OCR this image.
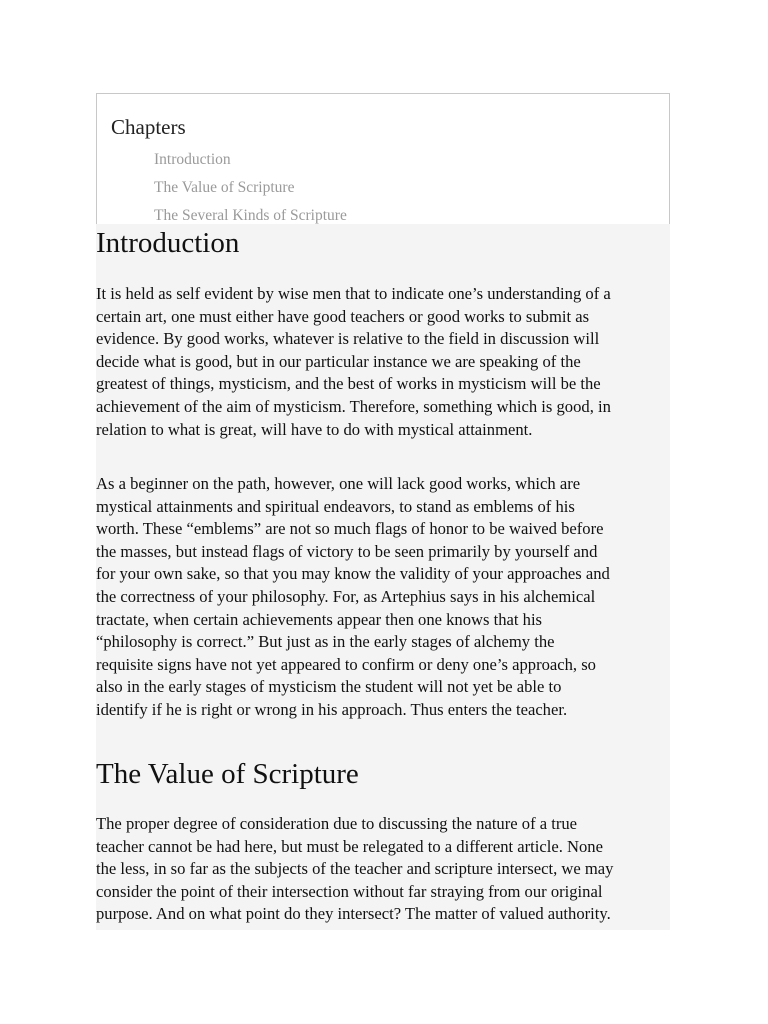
Chapters
Introduction
The Value of Scripture
The Several Kinds of Scripture
Introduction

It is held as self evident by wise men that to indicate one’s understanding of a
certain art, one must either have good teachers or good works to submit as
evidence. By good works, whatever is relative to the field in discussion will
decide what is good, but in our particular instance we are speaking of the
greatest of things, mysticism, and the best of works in mysticism will be the
achievement of the aim of mysticism. Therefore, something which is good, in
relation to what is great, will have to do with mystical attainment.

As a beginner on the path, however, one will lack good works, which are
mystical attainments and spiritual endeavors, to stand as emblems of his
worth. These “emblems” are not so much flags of honor to be waived before
the masses, but instead flags of victory to be seen primarily by yourself and
for your own sake, so that you may know the validity of your approaches and
the correctness of your philosophy. For, as Artephius says in his alchemical
tractate, when certain achievements appear then one knows that his
“philosophy is correct.” But just as in the early stages of alchemy the
requisite signs have not yet appeared to confirm or deny one’s approach, so
also in the early stages of mysticism the student will not yet be able to
identify if he is right or wrong in his approach. Thus enters the teacher.

The Value of Scripture

The proper degree of consideration due to discussing the nature of a true
teacher cannot be had here, but must be relegated to a different article. None
the less, in so far as the subjects of the teacher and scripture intersect, we may
consider the point of their intersection without far straying from our original
purpose. And on what point do they intersect? The matter of valued authority.
